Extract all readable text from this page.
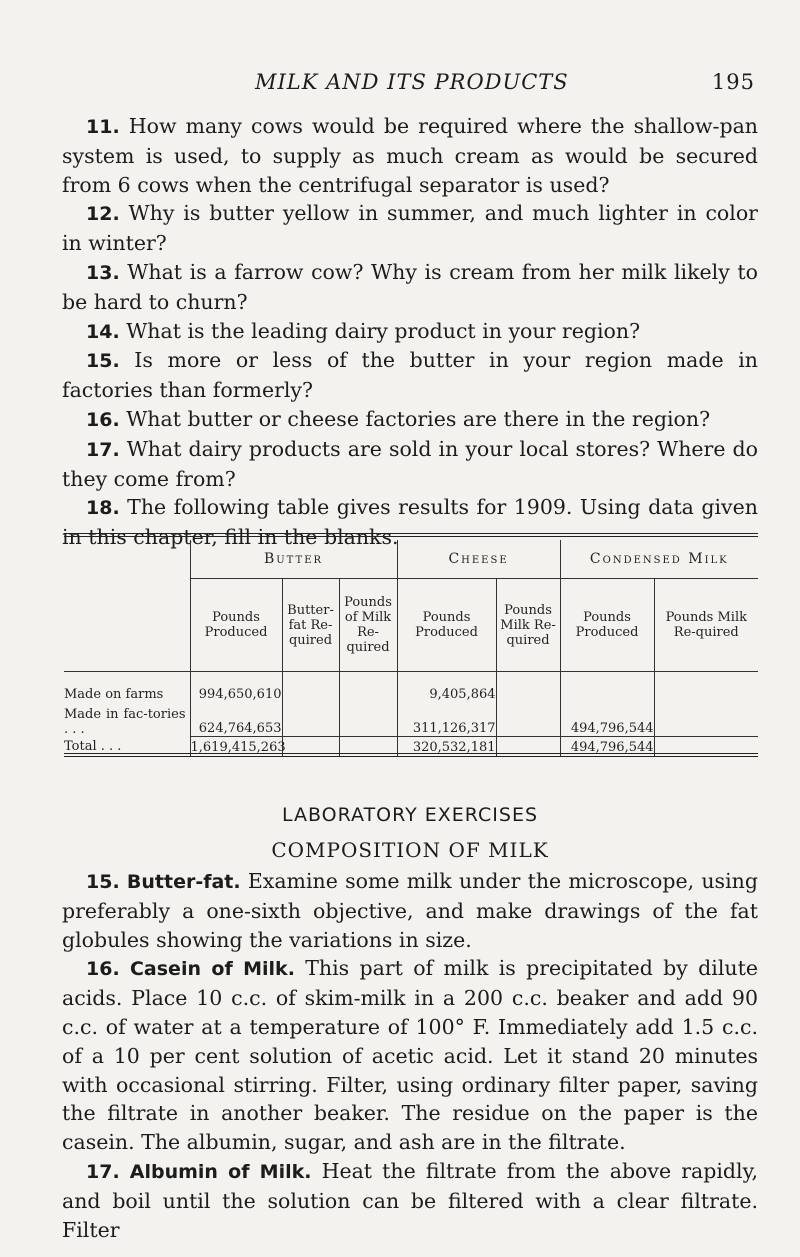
MILK AND ITS PRODUCTS	195

11. How many cows would be required where the shallow-pan system is used, to supply as much cream as would be secured from 6 cows when the centrifugal separator is used?

12. Why is butter yellow in summer, and much lighter in color in winter?

13. What is a farrow cow? Why is cream from her milk likely to be hard to churn?

14. What is the leading dairy product in your region?

15. Is more or less of the butter in your region made in factories than formerly?

16. What butter or cheese factories are there in the region?

17. What dairy products are sold in your local stores? Where do they come from?

18. The following table gives results for 1909. Using data given in this chapter, fill in the blanks.

	Butter			Cheese		Condensed Milk	
	Pounds Produced	Butter-fat Re-quired	Pounds of Milk Re-quired	Pounds Produced	Pounds Milk Re-quired	Pounds Produced	Pounds Milk Re-quired
Made on farms	994,650,610			9,405,864			
Made in fac-tories . . .	624,764,653			311,126,317		494,796,544	
Total . . .	1,619,415,263			320,532,181		494,796,544	
LABORATORY EXERCISES
COMPOSITION OF MILK

15. Butter-fat. Examine some milk under the microscope, using preferably a one-sixth objective, and make drawings of the fat globules showing the variations in size.

16. Casein of Milk. This part of milk is precipitated by dilute acids. Place 10 c.c. of skim-milk in a 200 c.c. beaker and add 90 c.c. of water at a temperature of 100° F. Immediately add 1.5 c.c. of a 10 per cent solution of acetic acid. Let it stand 20 minutes with occasional stirring. Filter, using ordinary filter paper, saving the filtrate in another beaker. The residue on the paper is the casein. The albumin, sugar, and ash are in the filtrate.

17. Albumin of Milk. Heat the filtrate from the above rapidly, and boil until the solution can be filtered with a clear filtrate. Filter
